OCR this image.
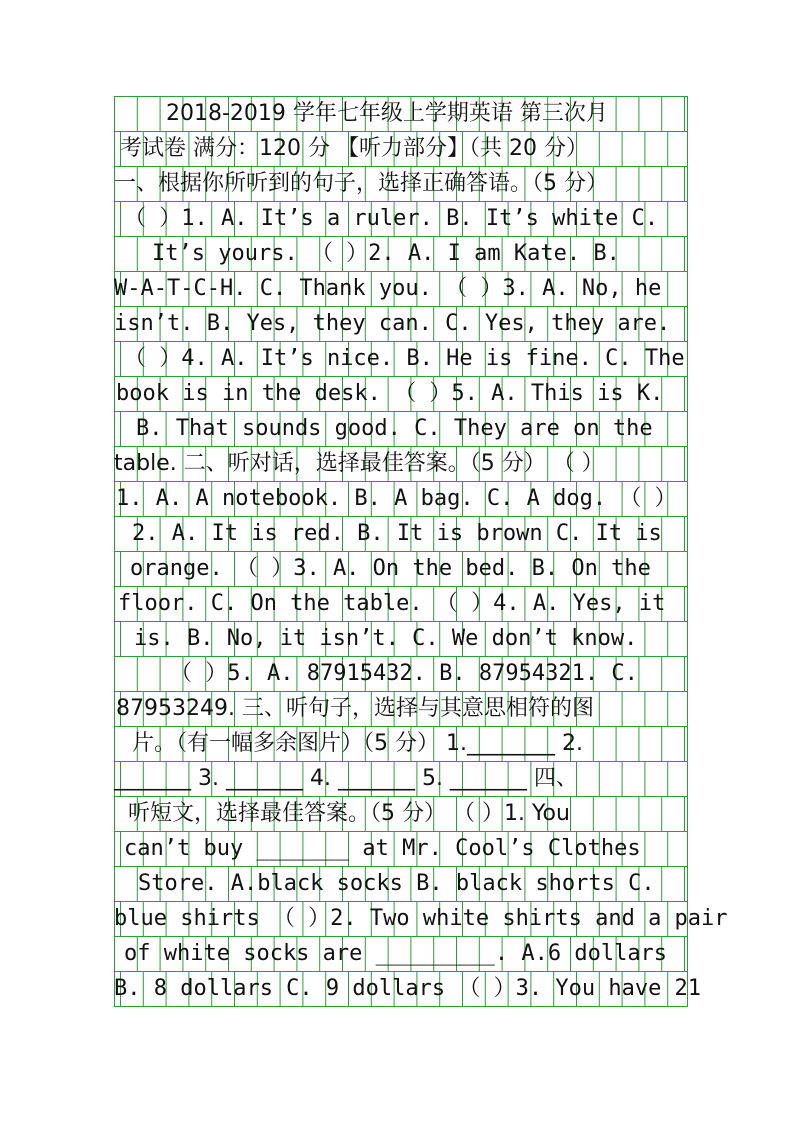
2018-2019 学年七年级上学期英语 第三次月
考试卷 满分：120 分 【听力部分】（共 20 分）
一、根据你所听到的句子，选择正确答语。（5 分）
（ ）1. A. It’s a ruler. B. It’s white C.
It’s yours. （ ）2. A. I am Kate. B.
W-A-T-C-H. C. Thank you. （ ）3. A. No, he
isn’t. B. Yes, they can. C. Yes, they are.
（ ）4. A. It’s nice. B. He is fine. C. The
book is in the desk. （ ）5. A. This is K.
B. That sounds good. C. They are on the
table. 二、听对话，选择最佳答案。（5 分） （ ）
1. A. A notebook. B. A bag. C. A dog. （ ）
2. A. It is red. B. It is brown C. It is
orange. （ ）3. A. On the bed. B. On the
floor. C. On the table. （ ）4. A. Yes, it
is. B. No, it isn’t. C. We don’t know.
（ ）5. A. 87915432. B. 87954321. C.
87953249. 三、听句子，选择与其意思相符的图
片。（有一幅多余图片）（5 分） 1.________ 2.
_______ 3. _______ 4. _______ 5. _______ 四、
听短文，选择最佳答案。（5 分） （ ）1. You
can’t buy _______ at Mr. Cool’s Clothes
Store. A.black socks B. black shorts C.
blue shirts （ ）2. Two white shirts and a pair
of white socks are _________. A.6 dollars
B. 8 dollars C. 9 dollars （ ）3. You have 21
